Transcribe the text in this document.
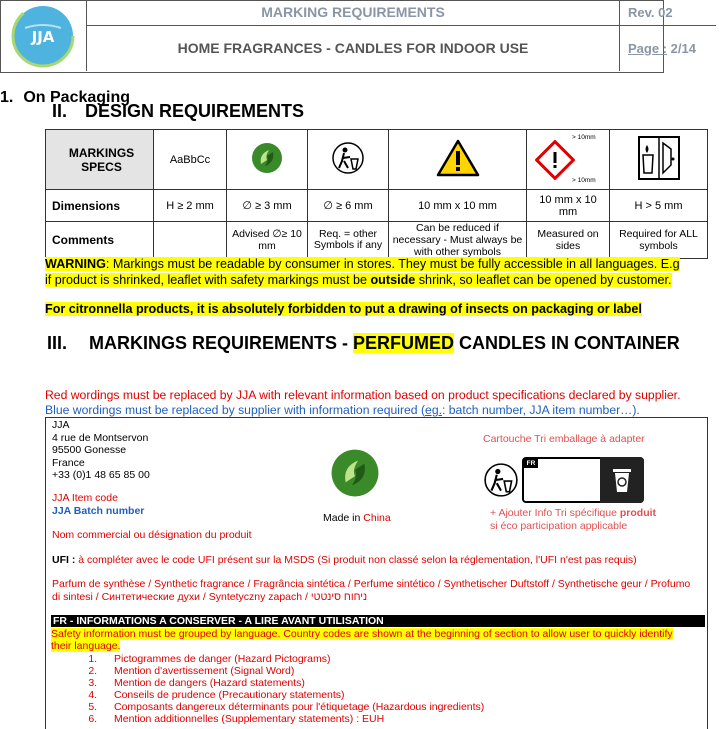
JJA
MARKING REQUIREMENTS
HOME FRAGRANCES - CANDLES FOR INDOOR USE
Rev. 02
Page : 2/14
II. DESIGN REQUIREMENTS
MARKINGS SPECS	AaBbCc				> 10mm
> 10mm

Dimensions	H ≥ 2 mm	∅ ≥ 3 mm	∅ ≥ 6 mm	10 mm x 10 mm	10 mm x 10 mm	H > 5 mm
Comments		Advised ∅≥ 10 mm	Req. = other Symbols if any	Can be reduced if necessary - Must always be with other symbols	Measured on sides	Required for ALL symbols
WARNING: Markings must be readable by consumer in stores. They must be fully accessible in all languages. E.g
if product is shrinked, leaflet with safety markings must be outside shrink, so leaflet can be opened by customer.
For citronnella products, it is absolutely forbidden to put a drawing of insects on packaging or label
III. MARKINGS REQUIREMENTS - PERFUMED CANDLES IN CONTAINER
1. On Packaging
Red wordings must be replaced by JJA with relevant information based on product specifications declared by supplier.
Blue wordings must be replaced by supplier with information required (eg.: batch number, JJA item number…).
JJA
4 rue de Montservon
95500 Gonesse
France
+33 (0)1 48 65 85 00
JJA Item code
JJA Batch number
Made in China
Cartouche Tri emballage à adapter
FR
+ Ajouter Info Tri spécifique produit
si éco participation applicable
Nom commercial ou désignation du produit
UFI : à compléter avec le code UFI présent sur la MSDS (Si produit non classé selon la réglementation, l'UFI n'est pas requis)
Parfum de synthèse / Synthetic fragrance / Fragrância sintética / Perfume sintético / Synthetischer Duftstoff / Synthetische geur / Profumo
di sintesi / Синтетические духи / Syntetyczny zapach / ניחוח סינטטי
FR - INFORMATIONS A CONSERVER - A LIRE AVANT UTILISATION
Safety information must be grouped by language. Country codes are shown at the beginning of section to allow user to quickly identify
their language.
1. Pictogrammes de danger (Hazard Pictograms)
2. Mention d'avertissement (Signal Word)
3. Mention de dangers (Hazard statements)
4. Conseils de prudence (Precautionary statements)
5. Composants dangereux déterminants pour l'étiquetage (Hazardous ingredients)
6. Mention additionnelles (Supplementary statements) : EUH
